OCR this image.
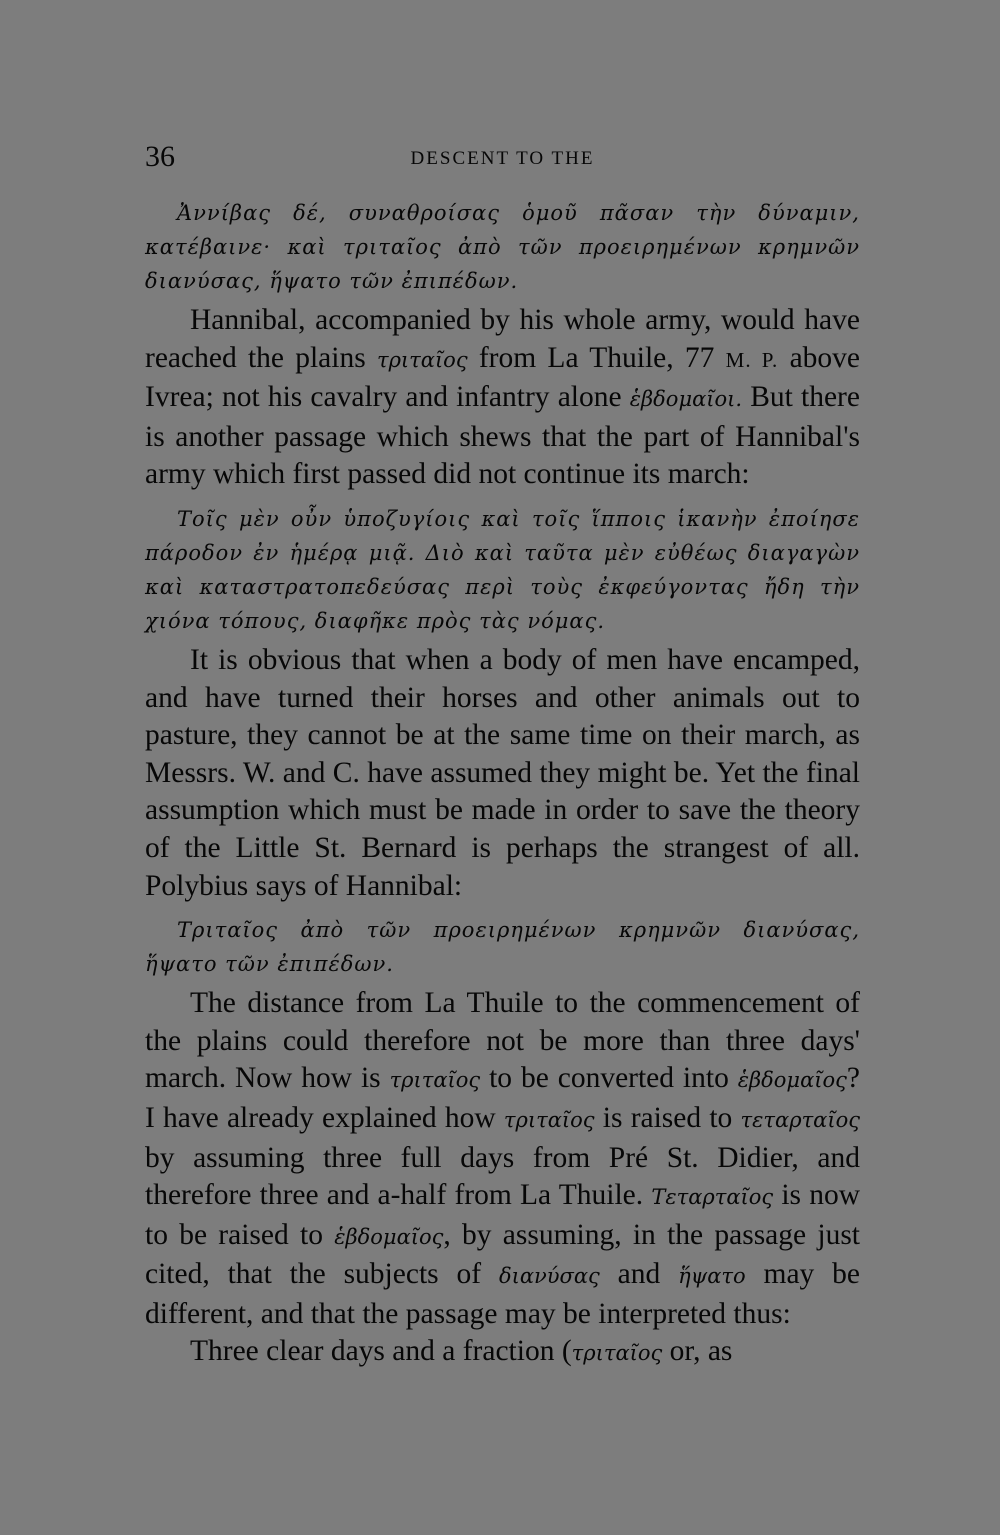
36	DESCENT TO THE

Ἀννίβας δέ, συναθροίσας ὁμοῦ πᾶσαν τὴν δύναμιν, κατέβαινε· καὶ τριταῖος ἀπὸ τῶν προειρημένων κρημνῶν διανύσας, ἥψατο τῶν ἐπιπέδων.

Hannibal, accompanied by his whole army, would have reached the plains τριταῖος from La Thuile, 77 M. P. above Ivrea; not his cavalry and infantry alone ἑβδομαῖοι. But there is another passage which shews that the part of Hannibal's army which first passed did not continue its march:

Τοῖς μὲν οὖν ὑποζυγίοις καὶ τοῖς ἵπποις ἱκανὴν ἐποίησε πάροδον ἐν ἡμέρᾳ μιᾷ. Διὸ καὶ ταῦτα μὲν εὐθέως διαγαγὼν καὶ καταστρατοπεδεύσας περὶ τοὺς ἐκφεύγοντας ἤδη τὴν χιόνα τόπους, διαφῆκε πρὸς τὰς νόμας.

It is obvious that when a body of men have encamped, and have turned their horses and other animals out to pasture, they cannot be at the same time on their march, as Messrs. W. and C. have assumed they might be. Yet the final assumption which must be made in order to save the theory of the Little St. Bernard is perhaps the strangest of all. Polybius says of Hannibal:

Τριταῖος ἀπὸ τῶν προειρημένων κρημνῶν διανύσας, ἥψατο τῶν ἐπιπέδων.

The distance from La Thuile to the commencement of the plains could therefore not be more than three days' march. Now how is τριταῖος to be converted into ἑβδομαῖος? I have already explained how τριταῖος is raised to τεταρταῖος by assuming three full days from Pré St. Didier, and therefore three and a-half from La Thuile. Τεταρταῖος is now to be raised to ἑβδομαῖος, by assuming, in the passage just cited, that the subjects of διανύσας and ἥψατο may be different, and that the passage may be interpreted thus:

Three clear days and a fraction (τριταῖος or, as
